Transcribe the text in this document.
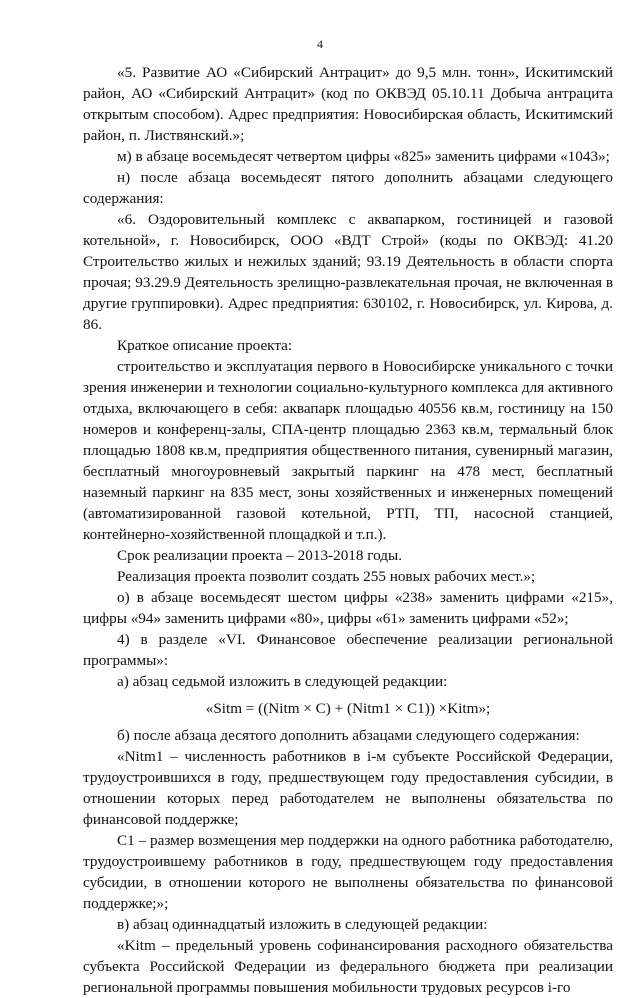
4

«5. Развитие АО «Сибирский Антрацит» до 9,5 млн. тонн», Искитимский район, АО «Сибирский Антрацит» (код по ОКВЭД 05.10.11 Добыча антрацита открытым способом). Адрес предприятия: Новосибирская область, Искитимский район, п. Листвянский.»;

м) в абзаце восемьдесят четвертом цифры «825» заменить цифрами «1043»;

н) после абзаца восемьдесят пятого дополнить абзацами следующего содержания:

«6. Оздоровительный комплекс с аквапарком, гостиницей и газовой котельной», г. Новосибирск, ООО «ВДТ Строй» (коды по ОКВЭД: 41.20 Строительство жилых и нежилых зданий; 93.19 Деятельность в области спорта прочая; 93.29.9 Деятельность зрелищно-развлекательная прочая, не включенная в другие группировки). Адрес предприятия: 630102, г. Новосибирск, ул. Кирова, д. 86.

Краткое описание проекта:

строительство и эксплуатация первого в Новосибирске уникального с точки зрения инженерии и технологии социально-культурного комплекса для активного отдыха, включающего в себя: аквапарк площадью 40556 кв.м, гостиницу на 150 номеров и конференц-залы, СПА-центр площадью 2363 кв.м, термальный блок площадью 1808 кв.м, предприятия общественного питания, сувенирный магазин, бесплатный многоуровневый закрытый паркинг на 478 мест, бесплатный наземный паркинг на 835 мест, зоны хозяйственных и инженерных помещений (автоматизированной газовой котельной, РТП, ТП, насосной станцией, контейнерно-хозяйственной площадкой и т.п.).

Срок реализации проекта – 2013-2018 годы.

Реализация проекта позволит создать 255 новых рабочих мест.»;

о) в абзаце восемьдесят шестом цифры «238» заменить цифрами «215», цифры «94» заменить цифрами «80», цифры «61» заменить цифрами «52»;

4) в разделе «VI. Финансовое обеспечение реализации региональной программы»:

а) абзац седьмой изложить в следующей редакции:

«Sitm = ((Nitm × C) + (Nitm1 × C1)) ×Kitm»;

б) после абзаца десятого дополнить абзацами следующего содержания:

«Nitm1 – численность работников в i-м субъекте Российской Федерации, трудоустроившихся в году, предшествующем году предоставления субсидии, в отношении которых перед работодателем не выполнены обязательства по финансовой поддержке;

C1 – размер возмещения мер поддержки на одного работника работодателю, трудоустроившему работников в году, предшествующем году предоставления субсидии, в отношении которого не выполнены обязательства по финансовой поддержке;»;

в) абзац одиннадцатый изложить в следующей редакции:

«Kitm – предельный уровень софинансирования расходного обязательства субъекта Российской Федерации из федерального бюджета при реализации региональной программы повышения мобильности трудовых ресурсов i-го
